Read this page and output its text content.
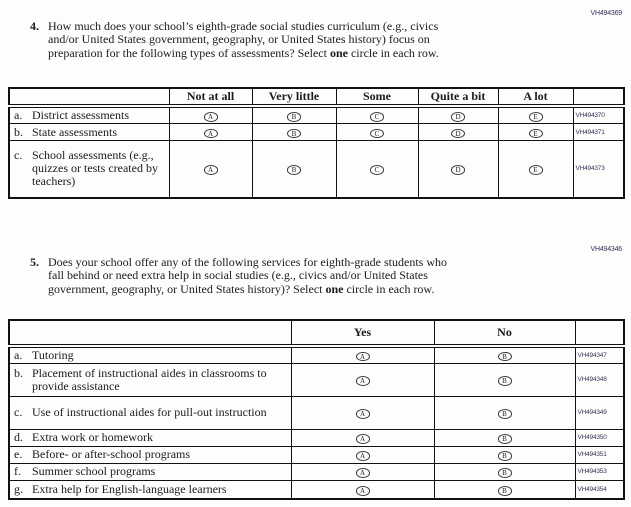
VH494369
4. How much does your school’s eighth-grade social studies curriculum (e.g., civics
and/or United States government, geography, or United States history) focus on
preparation for the following types of assessments? Select one circle in each row.
	Not at all	Very little	Some	Quite a bit	A lot	

a. District assessments	A	B	C	D	E	VH494370

b. State assessments	A	B	C	D	E	VH494371

c. School assessments (e.g., quizzes or tests created by teachers)	A	B	C	D	E	VH494373
VH494346
5. Does your school offer any of the following services for eighth-grade students who
fall behind or need extra help in social studies (e.g., civics and/or United States
government, geography, or United States history)? Select one circle in each row.
	Yes	No	

a. Tutoring	A	B	VH494347

b. Placement of instructional aides in classrooms to provide assistance	A	B	VH494348

c. Use of instructional aides for pull-out instruction	A	B	VH494349

d. Extra work or homework	A	B	VH494350

e. Before- or after-school programs	A	B	VH494351

f. Summer school programs	A	B	VH494353

g. Extra help for English-language learners	A	B	VH494354
